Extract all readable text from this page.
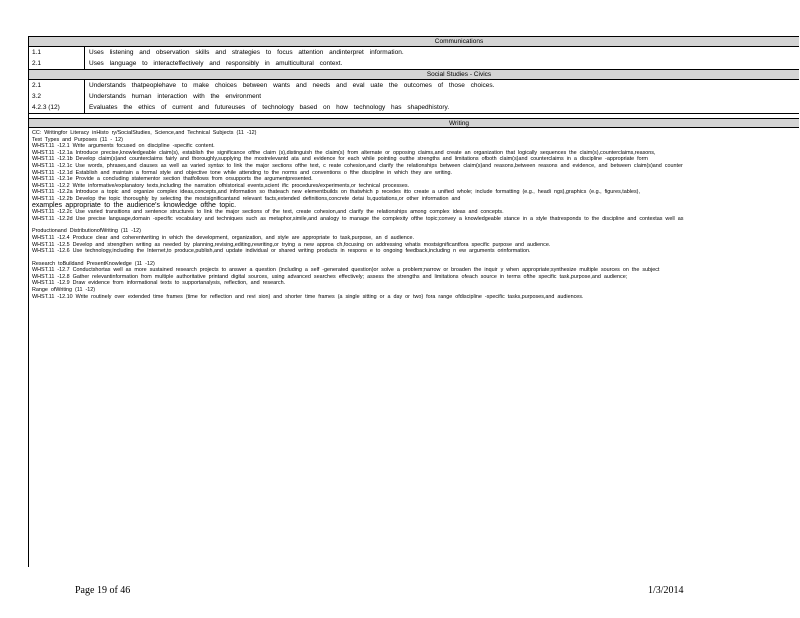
Communications
1.1	Uses listening and observation skills and strategies to focus attention andinterpret information.
2.1	Uses language to interacteffectively and responsibly in amulticultural context.
Social Studies - Civics
2.1	Understands thatpeoplehave to make choices between wants and needs and eval uate the outcomes of those choices.
3.2	Understands human interaction with the environment
4.2.3 (12)	Evaluates the ethics of current and futureuses of technology based on how technology has shapedhistory.
Writing

CC: Writingfor Literacy inHisto ry/SocialStudies, Science,and Technical Subjects (11 -12)

Text Types and Purposes (11 - 12)

WHST.11 -12.1 Write arguments focused on discipline -specific content.

WHST.11 -12.1a Introduce precise,knowledgeable claim(s), establish the significance ofthe claim (s),distinguish the claim(s) from alternate or opposing claims,and create an organization that logically sequences the claim(s),counterclaims,reasons,

WHST.11 -12.1b Develop claim(s)and counterclaims fairly and thoroughly,supplying the mostrelevantd ata and evidence for each while pointing outthe strengths and limitations ofboth claim(s)and counterclaims in a discipline -appropriate form

WHST.11 -12.1c Use words, phrases,and clauses as well as varied syntax to link the major sections ofthe text, c reate cohesion,and clarify the relationships between claim(s)and reasons,between reasons and evidence, and between claim(s)and counter

WHST.11 -12.1d Establish and maintain a formal style and objective tone while attending to the norms and conventions o fthe discipline in which they are writing.

WHST.11 -12.1e Provide a concluding statementor section thatfollows from orsupports the argumentpresented.

WHST.11 -12.2 Write informative/explanatory texts,including the narration ofhistorical events,scient ific procedures/experiments,or technical processes.

WHST.11 -12.2a Introduce a topic and organize complex ideas,concepts,and information so thateach new elementbuilds on thatwhich p recedes itto create a unified whole; include formatting (e.g., headi ngs),graphics (e.g., figures,tables),

WHST.11 -12.2b Develop the topic thoroughly by selecting the mostsignificantand relevant facts,extended definitions,concrete detai ls,quotations,or other information and

examples appropriate to the audience's knowledge ofthe topic.

WHST.11 -12.2c Use varied transitions and sentence structures to link the major sections of the text, create cohesion,and clarify the relationships among complex ideas and concepts.

WHST.11 -12.2d Use precise language,domain -specific vocabulary and techniques such as metaphor,simile,and analogy to manage the complexity ofthe topic;convey a knowledgeable stance in a style thatresponds to the discipline and contextas well as

Productionand DistributionofWriting (11 -12)

WHST.11 -12.4 Produce clear and coherentwriting in which the development, organization, and style are appropriate to task,purpose, an d audience.

WHST.11 -12.5 Develop and strengthen writing as needed by planning,revising,editing,rewriting,or trying a new approa ch,focusing on addressing whatis mostsignificantfora specific purpose and audience.

WHST.11 -12.6 Use technology,including the Internet,to produce,publish,and update individual or shared writing products in respons e to ongoing feedback,including n ew arguments orinformation.

Research toBuildand PresentKnowledge (11 -12)

WHST.11 -12.7 Conductshortas well as more sustained research projects to answer a question (including a self -generated question)or solve a problem;narrow or broaden the inquir y when appropriate;synthesize multiple sources on the subject

WHST.11 -12.8 Gather relevantinformation from multiple authoritative printand digital sources, using advanced searches effectively; assess the strengths and limitations ofeach source in terms ofthe specific task,purpose,and audience;

WHST.11 -12.9 Draw evidence from informational texts to supportanalysis, reflection, and research.

Range ofWriting (11 -12)

WHST.11 -12.10 Write routinely over extended time frames (time for reflection and revi sion) and shorter time frames (a single sitting or a day or two) fora range ofdiscipline -specific tasks,purposes,and audiences.

Page 19 of 46	1/3/2014
